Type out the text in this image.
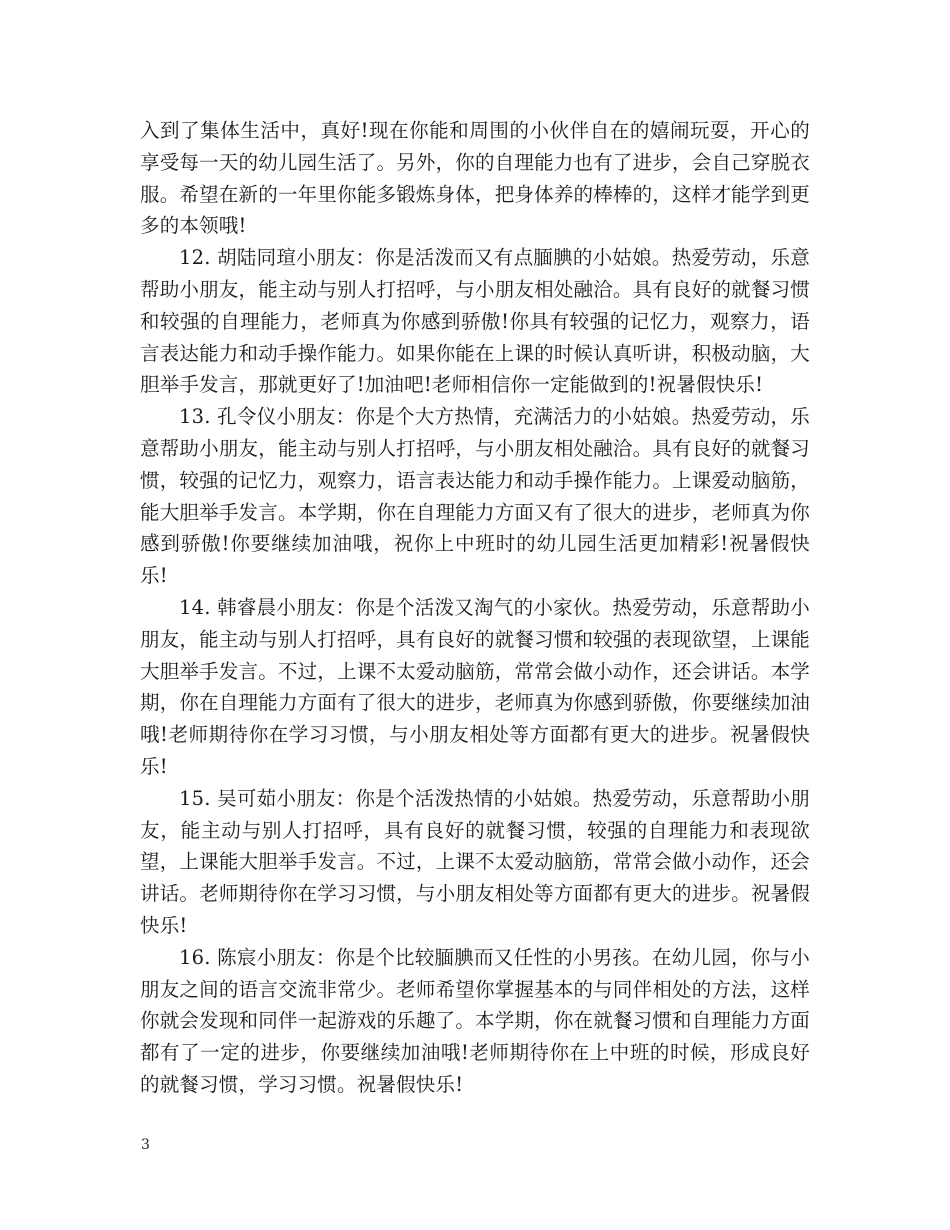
入到了集体生活中，真好!现在你能和周围的小伙伴自在的嬉闹玩耍，开心的享受每一天的幼儿园生活了。另外，你的自理能力也有了进步，会自己穿脱衣服。希望在新的一年里你能多锻炼身体，把身体养的棒棒的，这样才能学到更多的本领哦!

12. 胡陆同瑄小朋友：你是活泼而又有点腼腆的小姑娘。热爱劳动，乐意帮助小朋友，能主动与别人打招呼，与小朋友相处融洽。具有良好的就餐习惯和较强的自理能力，老师真为你感到骄傲!你具有较强的记忆力，观察力，语言表达能力和动手操作能力。如果你能在上课的时候认真听讲，积极动脑，大胆举手发言，那就更好了!加油吧!老师相信你一定能做到的!祝暑假快乐!

13. 孔令仪小朋友：你是个大方热情，充满活力的小姑娘。热爱劳动，乐意帮助小朋友，能主动与别人打招呼，与小朋友相处融洽。具有良好的就餐习惯，较强的记忆力，观察力，语言表达能力和动手操作能力。上课爱动脑筋，能大胆举手发言。本学期，你在自理能力方面又有了很大的进步，老师真为你感到骄傲!你要继续加油哦，祝你上中班时的幼儿园生活更加精彩!祝暑假快乐!

14. 韩睿晨小朋友：你是个活泼又淘气的小家伙。热爱劳动，乐意帮助小朋友，能主动与别人打招呼，具有良好的就餐习惯和较强的表现欲望，上课能大胆举手发言。不过，上课不太爱动脑筋，常常会做小动作，还会讲话。本学期，你在自理能力方面有了很大的进步，老师真为你感到骄傲，你要继续加油哦!老师期待你在学习习惯，与小朋友相处等方面都有更大的进步。祝暑假快乐!

15. 吴可茹小朋友：你是个活泼热情的小姑娘。热爱劳动，乐意帮助小朋友，能主动与别人打招呼，具有良好的就餐习惯，较强的自理能力和表现欲望，上课能大胆举手发言。不过，上课不太爱动脑筋，常常会做小动作，还会讲话。老师期待你在学习习惯，与小朋友相处等方面都有更大的进步。祝暑假快乐!

16. 陈宸小朋友：你是个比较腼腆而又任性的小男孩。在幼儿园，你与小朋友之间的语言交流非常少。老师希望你掌握基本的与同伴相处的方法，这样你就会发现和同伴一起游戏的乐趣了。本学期，你在就餐习惯和自理能力方面都有了一定的进步，你要继续加油哦!老师期待你在上中班的时候，形成良好的就餐习惯，学习习惯。祝暑假快乐!

3
